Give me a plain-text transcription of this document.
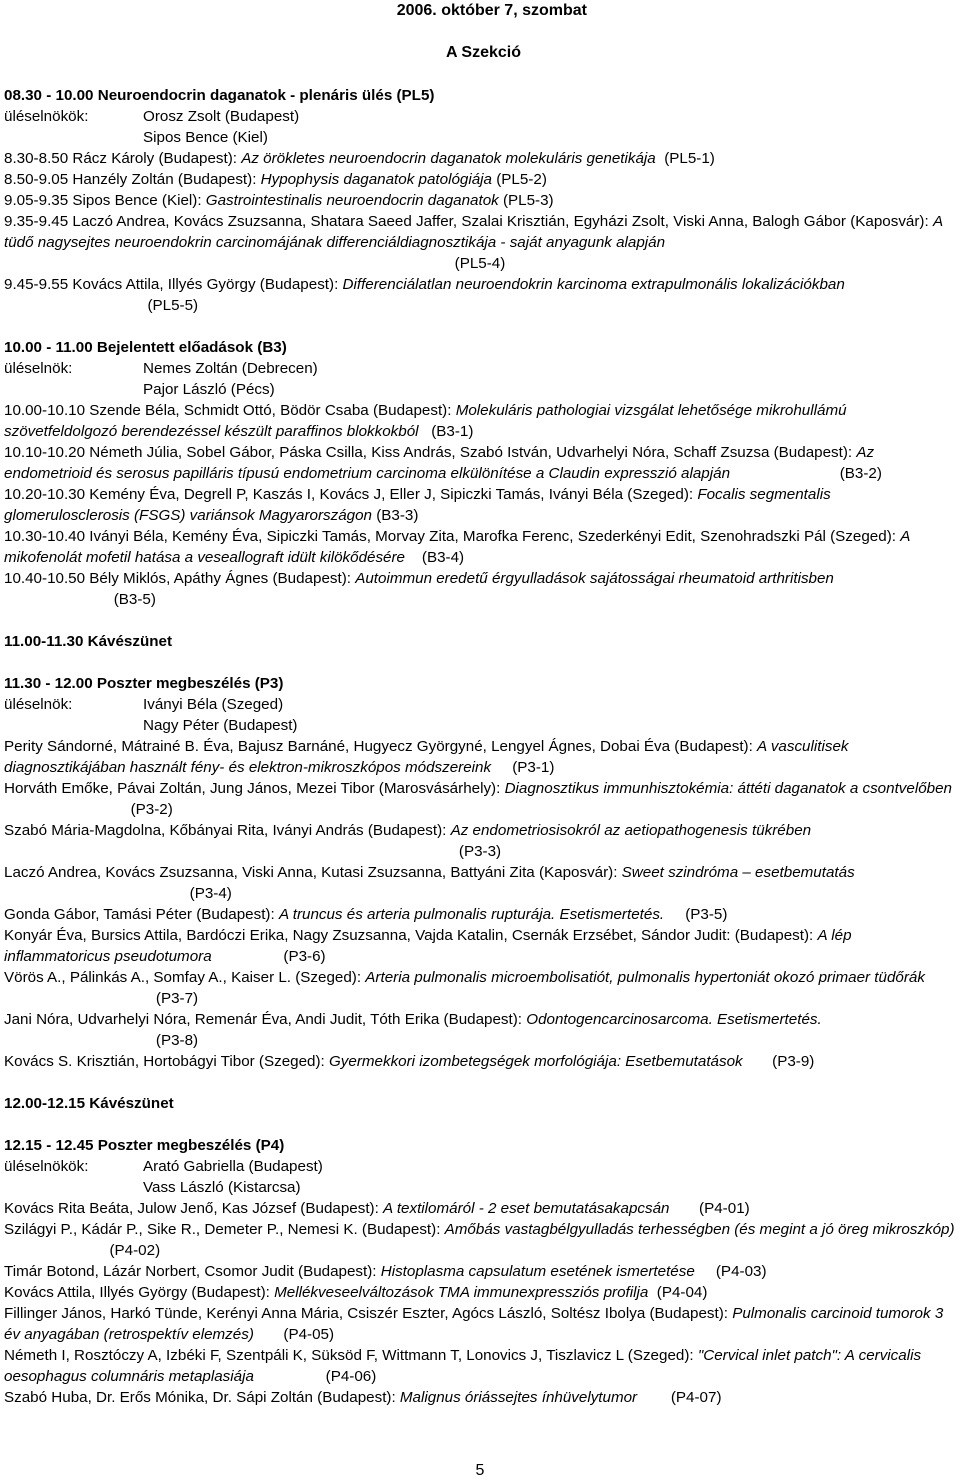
2006. október 7, szombat
A Szekció
08.30 - 10.00 Neuroendocrin daganatok - plenáris ülés (PL5)
üléselnökök:	Orosz Zsolt (Budapest)
Sipos Bence (Kiel)
8.30-8.50 Rácz Károly (Budapest): Az örökletes neuroendocrin daganatok molekuláris genetikája  (PL5-1)
8.50-9.05 Hanzély Zoltán (Budapest): Hypophysis daganatok patológiája (PL5-2)
9.05-9.35 Sipos Bence (Kiel): Gastrointestinalis neuroendocrin daganatok (PL5-3)
9.35-9.45 Laczó Andrea, Kovács Zsuzsanna, Shatara Saeed Jaffer, Szalai Krisztián, Egyházi Zsolt, Viski Anna, Balogh Gábor (Kaposvár): A tüdő nagysejtes neuroendokrin carcinomájának differenciáldiagnosztikája - saját anyagunk alapján
(PL5-4)
9.45-9.55 Kovács Attila, Illyés György (Budapest): Differenciálatlan neuroendokrin karcinoma extrapulmonális lokalizációkban                                  (PL5-5)
10.00 - 11.00 Bejelentett előadások (B3)
üléselnök:	Nemes Zoltán (Debrecen)
Pajor László (Pécs)
10.00-10.10 Szende Béla, Schmidt Ottó, Bödör Csaba (Budapest): Molekuláris pathologiai vizsgálat lehetősége mikrohullámú szövetfeldolgozó berendezéssel készült paraffinos blokkokból   (B3-1)
10.10-10.20 Németh Júlia, Sobel Gábor, Páska Csilla, Kiss András, Szabó István, Udvarhelyi Nóra, Schaff Zsuzsa (Budapest): Az endometrioid és serosus papilláris típusú endometrium carcinoma elkülönítése a Claudin expresszió alapján                          (B3-2)
10.20-10.30 Kemény Éva, Degrell P, Kaszás I, Kovács J, Eller J, Sipiczki Tamás, Iványi Béla (Szeged): Focalis segmentalis glomerulosclerosis (FSGS) variánsok Magyarországon (B3-3)
10.30-10.40 Iványi Béla, Kemény Éva, Sipiczki Tamás, Morvay Zita, Marofka Ferenc, Szederkényi Edit, Szenohradszki Pál (Szeged): A mikofenolát mofetil hatása a veseallograft idült kilökődésére    (B3-4)
10.40-10.50 Bély Miklós, Apáthy Ágnes (Budapest): Autoimmun eredetű érgyulladások sajátosságai rheumatoid arthritisben                          (B3-5)
11.00-11.30 Kávészünet
11.30 - 12.00 Poszter megbeszélés (P3)
üléselnök:	Iványi Béla (Szeged)
Nagy Péter (Budapest)
Perity Sándorné, Mátrainé B. Éva, Bajusz Barnáné, Hugyecz Györgyné, Lengyel Ágnes, Dobai Éva (Budapest): A vasculitisek diagnosztikájában használt fény- és elektron-mikroszkópos módszereink     (P3-1)
Horváth Emőke, Pávai Zoltán, Jung János, Mezei Tibor (Marosvásárhely): Diagnosztikus immunhisztokémia: áttéti daganatok a csontvelőben                              (P3-2)
Szabó Mária-Magdolna, Kőbányai Rita, Iványi András (Budapest): Az endometriosisokról az aetiopathogenesis tükrében
(P3-3)
Laczó Andrea, Kovács Zsuzsanna, Viski Anna, Kutasi Zsuzsanna, Battyáni Zita (Kaposvár): Sweet szindróma – esetbemutatás                                            (P3-4)
Gonda Gábor, Tamási Péter (Budapest): A truncus és arteria pulmonalis rupturája. Esetismertetés.     (P3-5)
Konyár Éva, Bursics Attila, Bardóczi Erika, Nagy Zsuzsanna, Vajda Katalin, Csernák Erzsébet, Sándor Judit: (Budapest): A lép inflammatoricus pseudotumora                 (P3-6)
Vörös A., Pálinkás A., Somfay A., Kaiser L. (Szeged): Arteria pulmonalis microembolisatiót, pulmonalis hypertoniát okozó primaer tüdőrák                                    (P3-7)
Jani Nóra, Udvarhelyi Nóra, Remenár Éva, Andi Judit, Tóth Erika (Budapest): Odontogencarcinosarcoma. Esetismertetés.                                    (P3-8)
Kovács S. Krisztián, Hortobágyi Tibor (Szeged): Gyermekkori izombetegségek morfológiája: Esetbemutatások       (P3-9)
12.00-12.15 Kávészünet
12.15 - 12.45 Poszter megbeszélés (P4)
üléselnökök:	Arató Gabriella (Budapest)
Vass László (Kistarcsa)
Kovács Rita Beáta, Julow Jenő, Kas József (Budapest): A textilomáról - 2 eset bemutatásakapcsán       (P4-01)
Szilágyi P., Kádár P., Sike R., Demeter P., Nemesi K. (Budapest): Amőbás vastagbélgyulladás terhességben (és megint a jó öreg mikroszkóp)                         (P4-02)
Timár Botond, Lázár Norbert, Csomor Judit (Budapest): Histoplasma capsulatum esetének ismertetése     (P4-03)
Kovács Attila, Illyés György (Budapest): Mellékveseelváltozások TMA immunexpressziós profilja  (P4-04)
Fillinger János, Harkó Tünde, Kerényi Anna Mária, Csiszér Eszter, Agócs László, Soltész Ibolya (Budapest): Pulmonalis carcinoid tumorok 3 év anyagában (retrospektív elemzés)       (P4-05)
Németh I, Rosztóczy A, Izbéki F, Szentpáli K, Süksöd F, Wittmann T, Lonovics J, Tiszlavicz L (Szeged): "Cervical inlet patch": A cervicalis oesophagus columnáris metaplasiája                 (P4-06)
Szabó Huba, Dr. Erős Mónika, Dr. Sápi Zoltán (Budapest): Malignus óriássejtes ínhüvelytumor        (P4-07)
5
